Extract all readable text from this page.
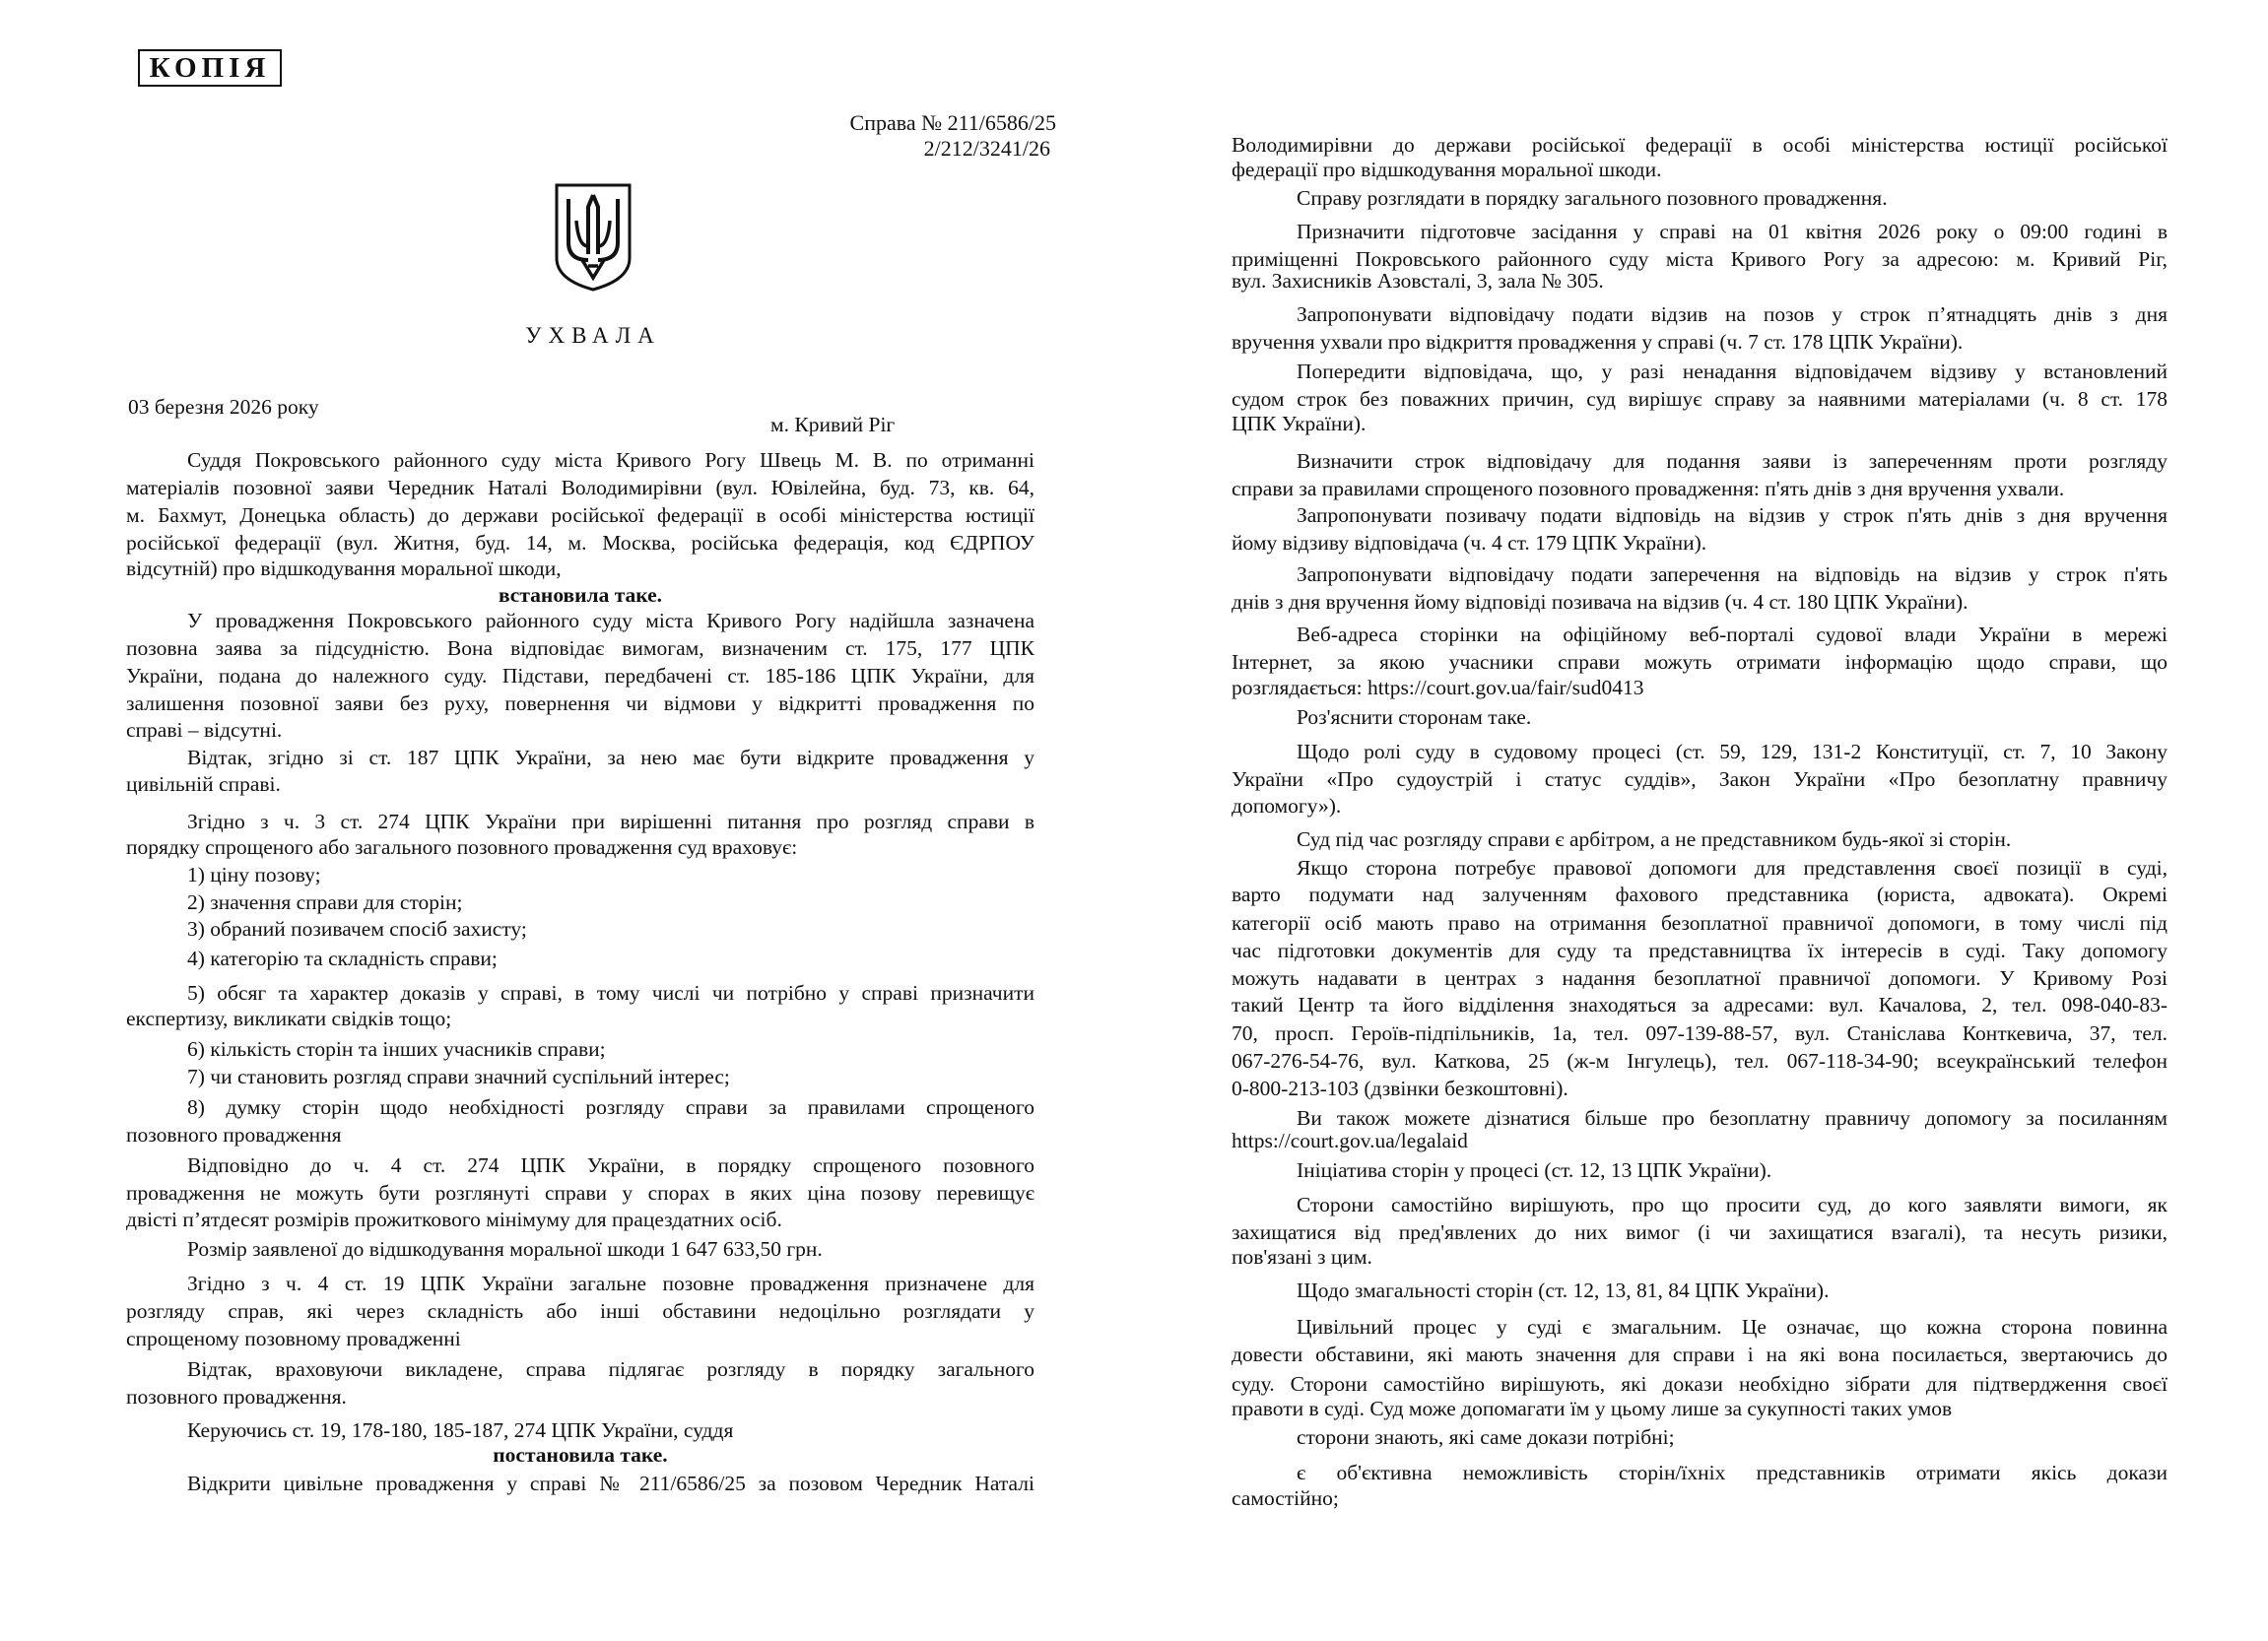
КОПІЯ
Справа № 211/6586/25
2/212/3241/26
УХВАЛА
03 березня 2026 року
м. Кривий Ріг
Суддя Покровського районного суду міста Кривого Рогу Швець М. В. по отриманні
матеріалів позовної заяви Чередник Наталі Володимирівни (вул. Ювілейна, буд. 73, кв. 64,
м. Бахмут, Донецька область) до держави російської федерації в особі міністерства юстиції
російської федерації (вул. Житня, буд. 14, м. Москва, російська федерація, код ЄДРПОУ
відсутній) про відшкодування моральної шкоди,
встановила таке.
У провадження Покровського районного суду міста Кривого Рогу надійшла зазначена
позовна заява за підсудністю. Вона відповідає вимогам, визначеним ст. 175, 177 ЦПК
України, подана до належного суду. Підстави, передбачені ст. 185-186 ЦПК України, для
залишення позовної заяви без руху, повернення чи відмови у відкритті провадження по
справі – відсутні.
Відтак, згідно зі ст. 187 ЦПК України, за нею має бути відкрите провадження у
цивільній справі.
Згідно з ч. 3 ст. 274 ЦПК України при вирішенні питання про розгляд справи в
порядку спрощеного або загального позовного провадження суд враховує:
1) ціну позову;
2) значення справи для сторін;
3) обраний позивачем спосіб захисту;
4) категорію та складність справи;
5) обсяг та характер доказів у справі, в тому числі чи потрібно у справі призначити
експертизу, викликати свідків тощо;
6) кількість сторін та інших учасників справи;
7) чи становить розгляд справи значний суспільний інтерес;
8) думку сторін щодо необхідності розгляду справи за правилами спрощеного
позовного провадження
Відповідно до ч. 4 ст. 274 ЦПК України, в порядку спрощеного позовного
провадження не можуть бути розглянуті справи у спорах в яких ціна позову перевищує
двісті п’ятдесят розмірів прожиткового мінімуму для працездатних осіб.
Розмір заявленої до відшкодування моральної шкоди 1 647 633,50 грн.
Згідно з ч. 4 ст. 19 ЦПК України загальне позовне провадження призначене для
розгляду справ, які через складність або інші обставини недоцільно розглядати у
спрощеному позовному провадженні
Відтак, враховуючи викладене, справа підлягає розгляду в порядку загального
позовного провадження.
Керуючись ст. 19, 178-180, 185-187, 274 ЦПК України, суддя
постановила таке.
Відкрити цивільне провадження у справі № 211/6586/25 за позовом Чередник Наталі
Володимирівни до держави російської федерації в особі міністерства юстиції російської
федерації про відшкодування моральної шкоди.
Справу розглядати в порядку загального позовного провадження.
Призначити підготовче засідання у справі на 01 квітня 2026 року о 09:00 годині в
приміщенні Покровського районного суду міста Кривого Рогу за адресою: м. Кривий Ріг,
вул. Захисників Азовсталі, 3, зала № 305.
Запропонувати відповідачу подати відзив на позов у строк п’ятнадцять днів з дня
вручення ухвали про відкриття провадження у справі (ч. 7 ст. 178 ЦПК України).
Попередити відповідача, що, у разі ненадання відповідачем відзиву у встановлений
судом строк без поважних причин, суд вирішує справу за наявними матеріалами (ч. 8 ст. 178
ЦПК України).
Визначити строк відповідачу для подання заяви із запереченням проти розгляду
справи за правилами спрощеного позовного провадження: п'ять днів з дня вручення ухвали.
Запропонувати позивачу подати відповідь на відзив у строк п'ять днів з дня вручення
йому відзиву відповідача (ч. 4 ст. 179 ЦПК України).
Запропонувати відповідачу подати заперечення на відповідь на відзив у строк п'ять
днів з дня вручення йому відповіді позивача на відзив (ч. 4 ст. 180 ЦПК України).
Веб-адреса сторінки на офіційному веб-порталі судової влади України в мережі
Інтернет, за якою учасники справи можуть отримати інформацію щодо справи, що
розглядається: https://court.gov.ua/fair/sud0413
Роз'яснити сторонам таке.
Щодо ролі суду в судовому процесі (ст. 59, 129, 131-2 Конституції, ст. 7, 10 Закону
України «Про судоустрій і статус суддів», Закон України «Про безоплатну правничу
допомогу»).
Суд під час розгляду справи є арбітром, а не представником будь-якої зі сторін.
Якщо сторона потребує правової допомоги для представлення своєї позиції в суді,
варто подумати над залученням фахового представника (юриста, адвоката). Окремі
категорії осіб мають право на отримання безоплатної правничої допомоги, в тому числі під
час підготовки документів для суду та представництва їх інтересів в суді. Таку допомогу
можуть надавати в центрах з надання безоплатної правничої допомоги. У Кривому Розі
такий Центр та його відділення знаходяться за адресами: вул. Качалова, 2, тел. 098-040-83-
70, просп. Героїв-підпільників, 1а, тел. 097-139-88-57, вул. Станіслава Конткевича, 37, тел.
067-276-54-76, вул. Каткова, 25 (ж-м Інгулець), тел. 067-118-34-90; всеукраїнський телефон
0-800-213-103 (дзвінки безкоштовні).
Ви також можете дізнатися більше про безоплатну правничу допомогу за посиланням
https://court.gov.ua/legalaid
Ініціатива сторін у процесі (ст. 12, 13 ЦПК України).
Сторони самостійно вирішують, про що просити суд, до кого заявляти вимоги, як
захищатися від пред'явлених до них вимог (і чи захищатися взагалі), та несуть ризики,
пов'язані з цим.
Щодо змагальності сторін (ст. 12, 13, 81, 84 ЦПК України).
Цивільний процес у суді є змагальним. Це означає, що кожна сторона повинна
довести обставини, які мають значення для справи і на які вона посилається, звертаючись до
суду. Сторони самостійно вирішують, які докази необхідно зібрати для підтвердження своєї
правоти в суді. Суд може допомагати їм у цьому лише за сукупності таких умов
сторони знають, які саме докази потрібні;
є об'єктивна неможливість сторін/їхніх представників отримати якісь докази
самостійно;
